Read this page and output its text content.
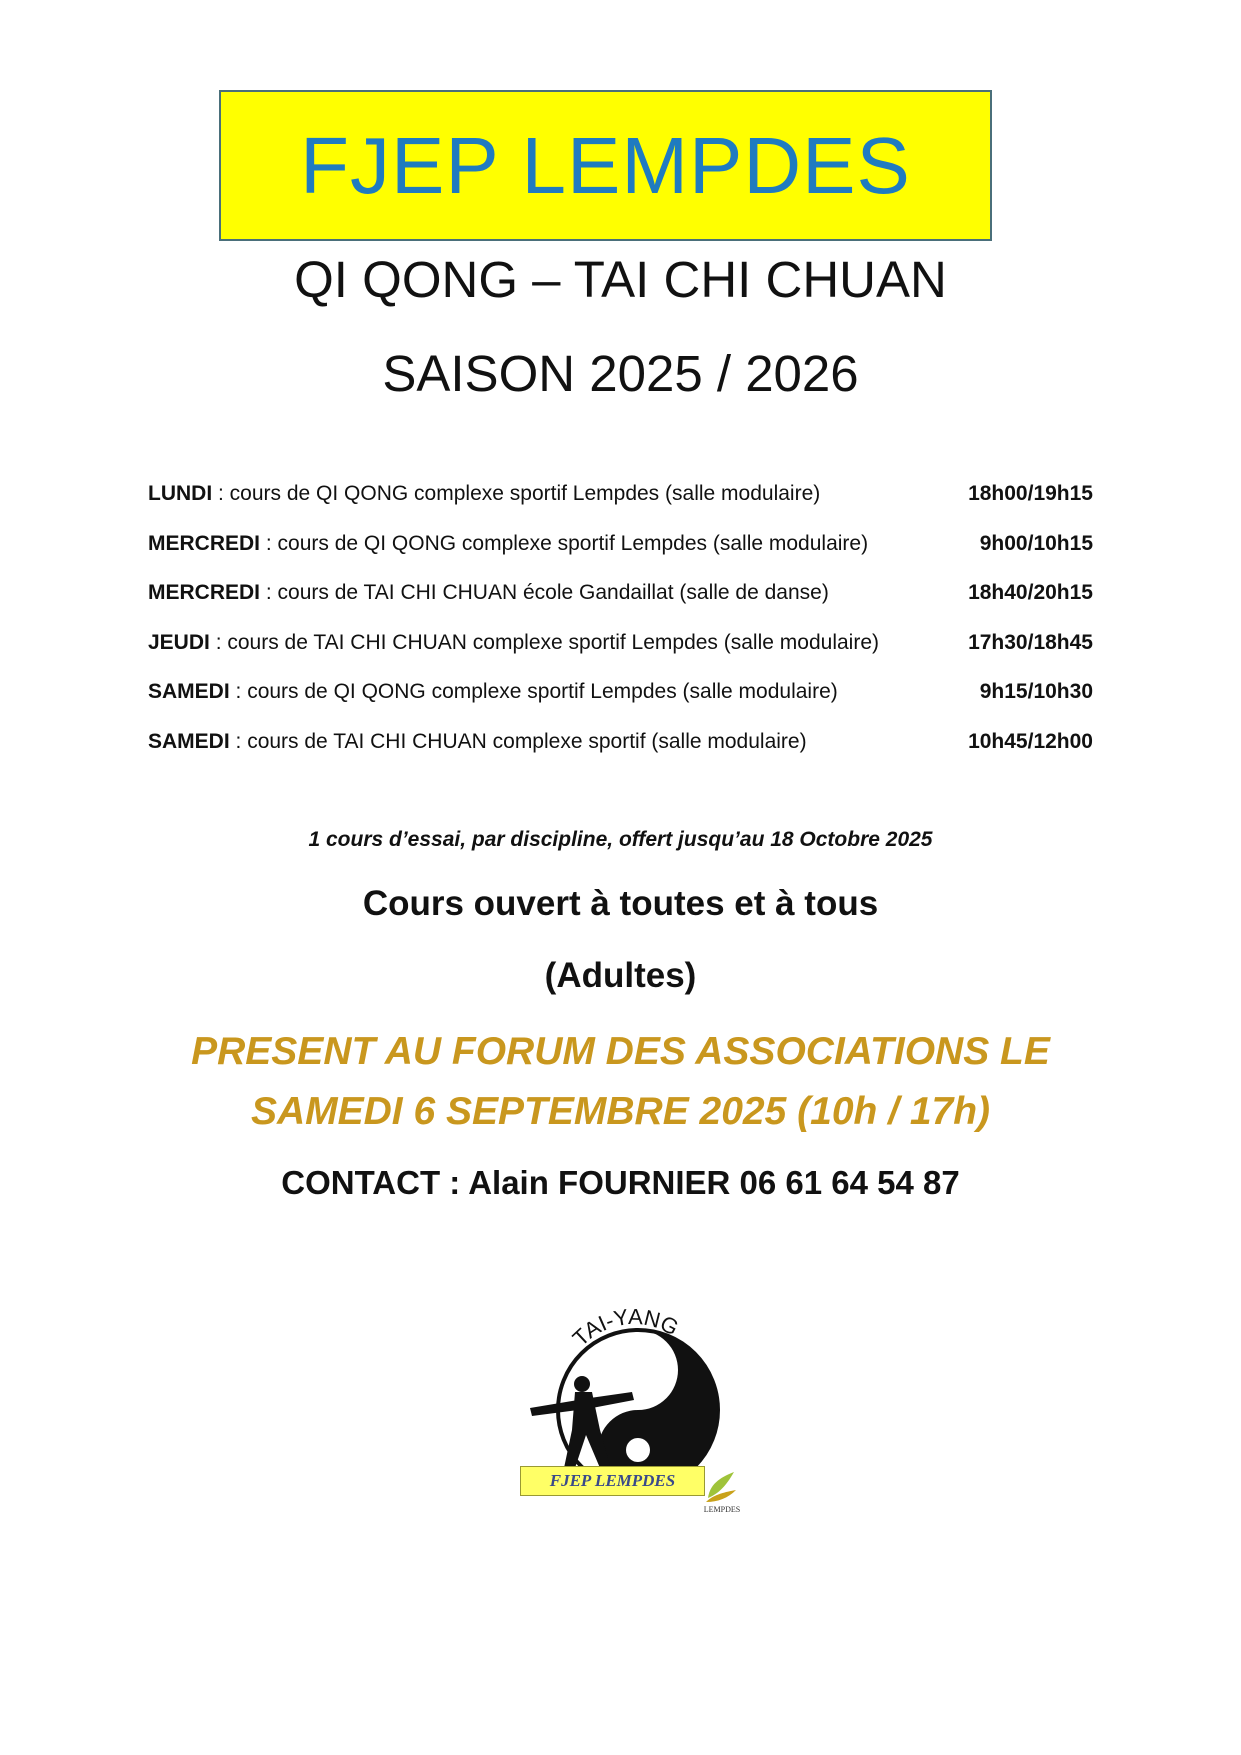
FJEP LEMPDES
QI QONG – TAI CHI CHUAN
SAISON 2025 / 2026
LUNDI : cours de QI QONG complexe sportif Lempdes (salle modulaire)	18h00/19h15
MERCREDI : cours de QI QONG complexe sportif Lempdes (salle modulaire)	9h00/10h15
MERCREDI : cours de TAI CHI CHUAN école Gandaillat (salle de danse)	18h40/20h15
JEUDI : cours de TAI CHI CHUAN complexe sportif Lempdes (salle modulaire)	17h30/18h45
SAMEDI : cours de QI QONG complexe sportif Lempdes (salle modulaire)	9h15/10h30
SAMEDI : cours de TAI CHI CHUAN complexe sportif (salle modulaire)	10h45/12h00
1 cours d’essai, par discipline, offert jusqu’au 18 Octobre 2025
Cours ouvert à toutes et à tous
(Adultes)
PRESENT AU FORUM DES ASSOCIATIONS LE
SAMEDI 6 SEPTEMBRE 2025 (10h / 17h)
CONTACT : Alain FOURNIER 06 61 64 54 87
TAI-YANG
FJEP LEMPDES
LEMPDES
